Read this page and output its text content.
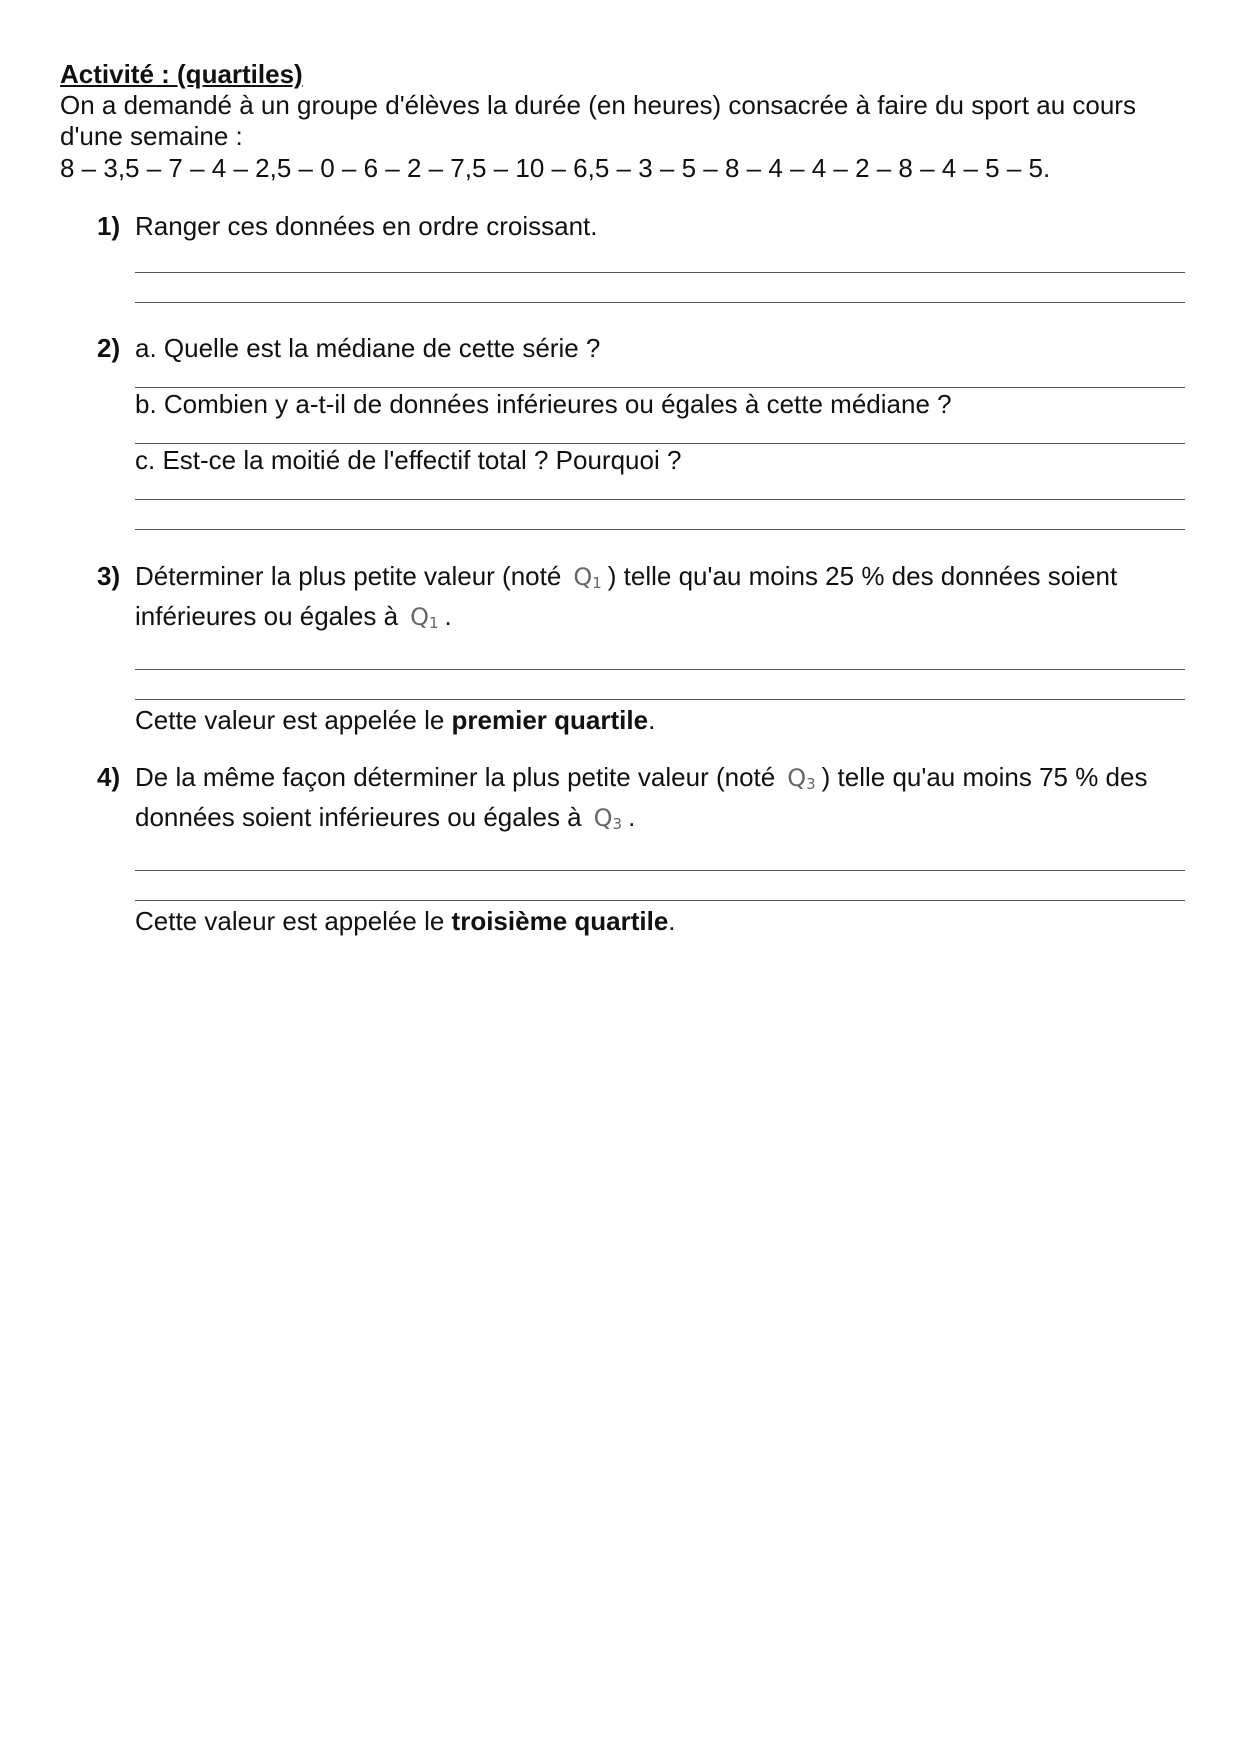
Activité : (quartiles)

On a demandé à un groupe d'élèves la durée (en heures) consacrée à faire du sport au cours d'une semaine :

8 – 3,5 – 7 – 4 – 2,5 – 0 – 6 – 2 – 7,5 – 10 – 6,5 – 3 – 5 – 8 – 4 – 4 – 2 – 8 – 4 – 5 – 5.

1) Ranger ces données en ordre croissant.

2) a. Quelle est la médiane de cette série ?

b. Combien y a-t-il de données inférieures ou égales à cette médiane ?

c. Est-ce la moitié de l'effectif total ? Pourquoi ?

3) Déterminer la plus petite valeur (noté $Q_1$ ) telle qu'au moins 25 % des données soient inférieures ou égales à $Q_1$ .

Cette valeur est appelée le premier quartile.

4) De la même façon déterminer la plus petite valeur (noté $Q_3$ ) telle qu'au moins 75 % des données soient inférieures ou égales à $Q_3$ .

Cette valeur est appelée le troisième quartile.
